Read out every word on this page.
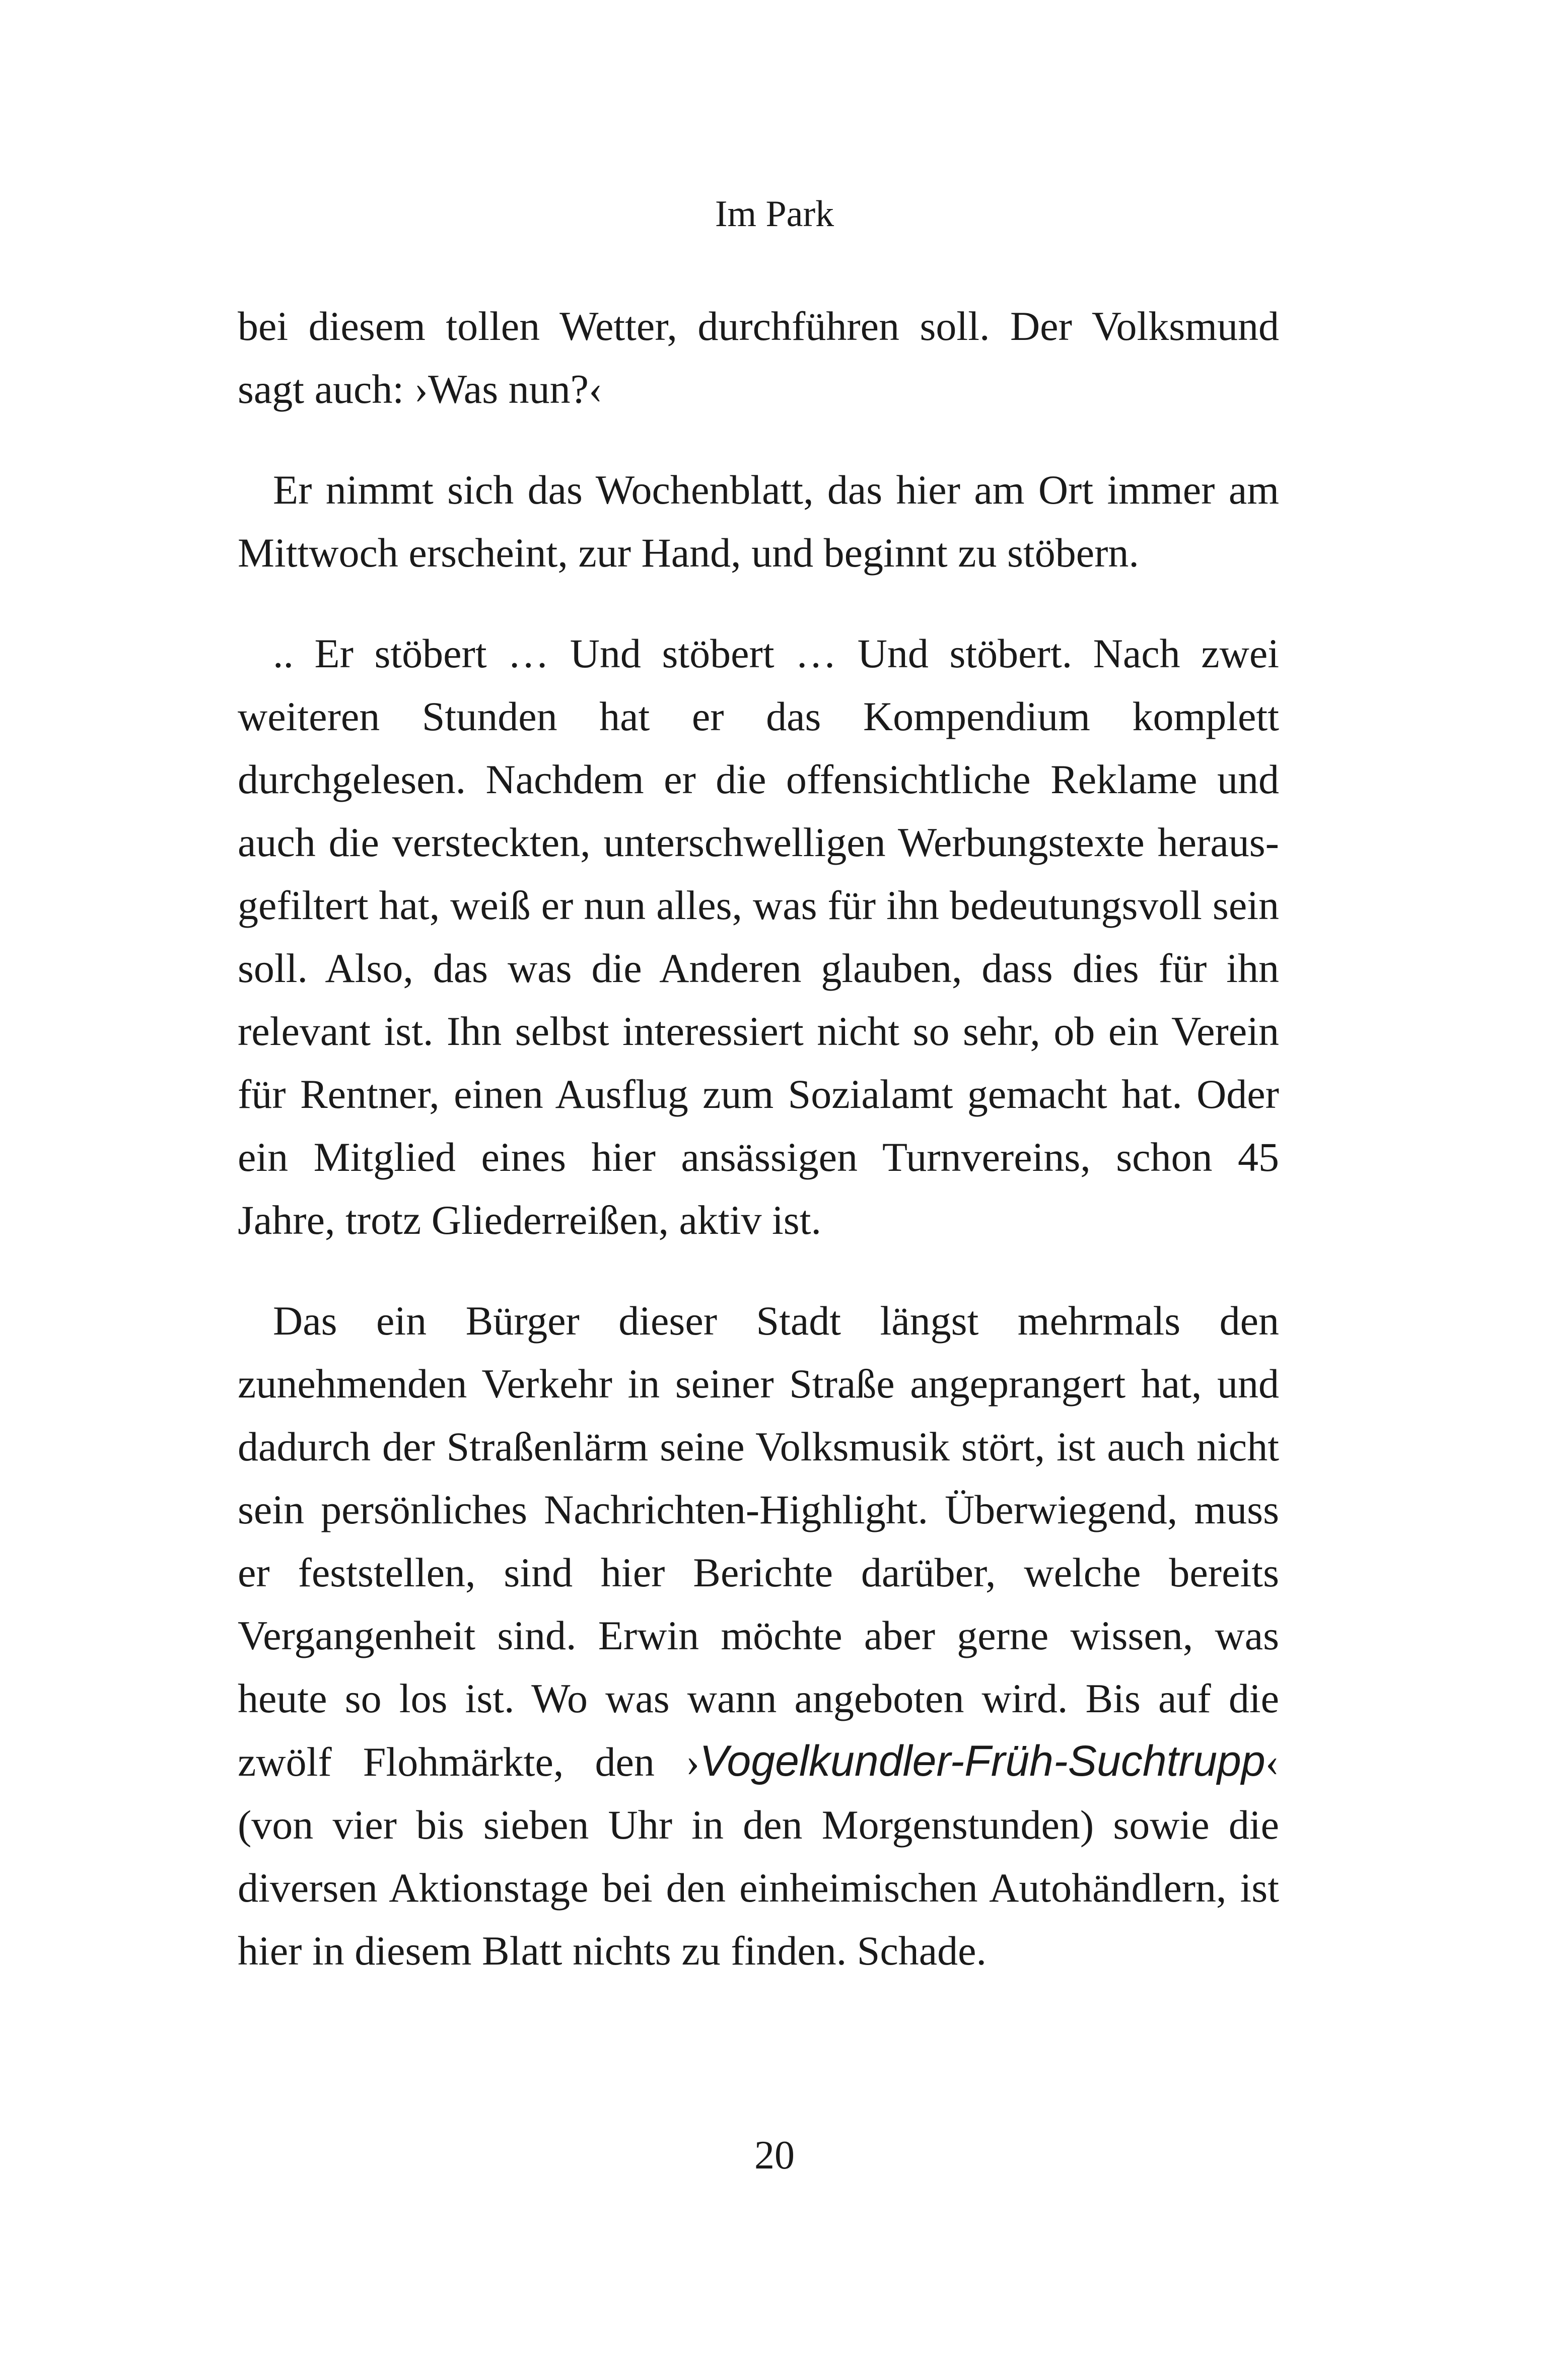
Im Park

bei diesem tollen Wetter, durchführen soll. Der Volksmund sagt auch: ›Was nun?‹

Er nimmt sich das Wochenblatt, das hier am Ort immer am Mittwoch erscheint, zur Hand, und beginnt zu stöbern.

.. Er stöbert … Und stöbert … Und stöbert. Nach zwei weiteren Stunden hat er das Kompendium komplett durchgelesen. Nachdem er die offensichtliche Reklame und auch die versteckten, unterschwelligen Werbungstexte heraus-gefiltert hat, weiß er nun alles, was für ihn bedeutungsvoll sein soll. Also, das was die Anderen glauben, dass dies für ihn relevant ist. Ihn selbst interessiert nicht so sehr, ob ein Verein für Rentner, einen Ausflug zum Sozialamt gemacht hat. Oder ein Mitglied eines hier ansässigen Turnvereins, schon 45 Jahre, trotz Gliederreißen, aktiv ist.

Das ein Bürger dieser Stadt längst mehrmals den zunehmenden Verkehr in seiner Straße angeprangert hat, und dadurch der Straßenlärm seine Volksmusik stört, ist auch nicht sein persönliches Nachrichten-Highlight. Überwiegend, muss er feststellen, sind hier Berichte darüber, welche bereits Vergangenheit sind. Erwin möchte aber gerne wissen, was heute so los ist. Wo was wann angeboten wird. Bis auf die zwölf Flohmärkte, den ›Vogelkundler-Früh-Suchtrupp‹ (von vier bis sieben Uhr in den Morgenstunden) sowie die diversen Aktionstage bei den einheimischen Autohändlern, ist hier in diesem Blatt nichts zu finden. Schade.

20
